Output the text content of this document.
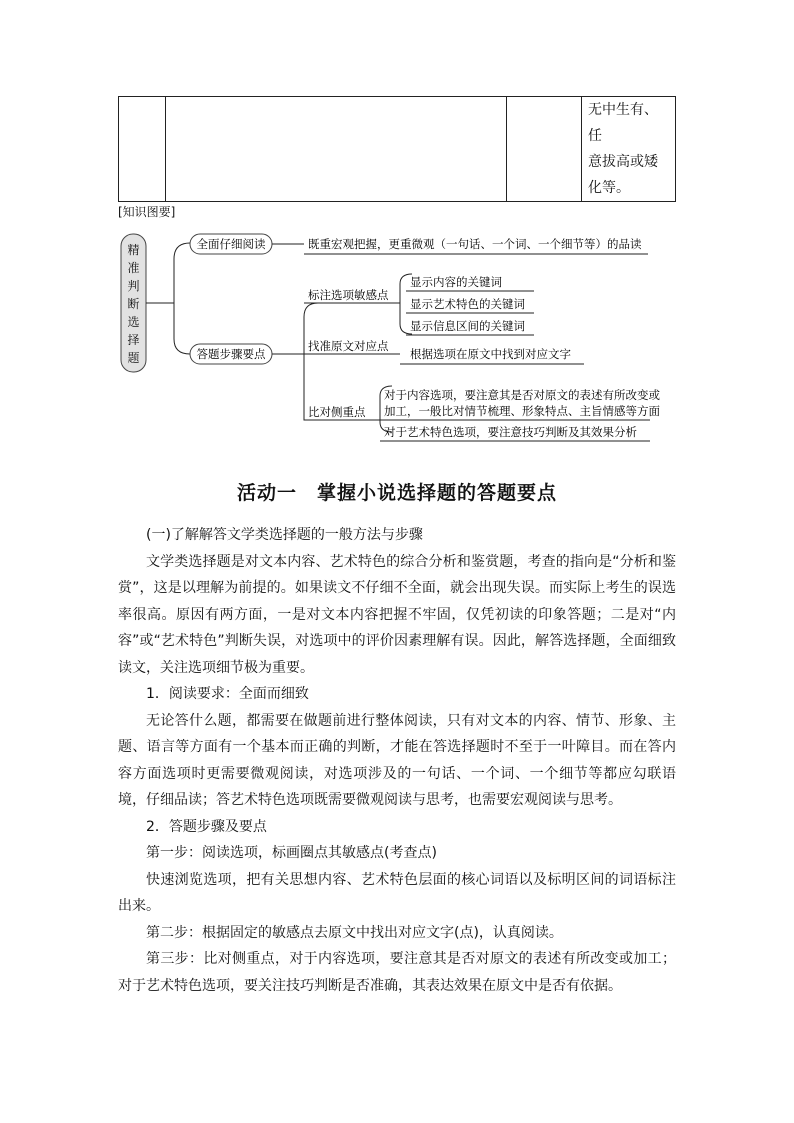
无中生有、任
意拔高或矮
化等。
[知识图要]
精
准
判
断
选
择
题
全面仔细阅读	既重宏观把握，更重微观（一句话、一个词、一个细节等）的品读
答题步骤要点
标注选项敏感点
显示内容的关键词
显示艺术特色的关键词
显示信息区间的关键词
找准原文对应点
根据选项在原文中找到对应文字
比对侧重点
对于内容选项，要注意其是否对原文的表述有所改变或
加工，一般比对情节梳理、形象特点、主旨情感等方面
对于艺术特色选项，要注意技巧判断及其效果分析
活动一　掌握小说选择题的答题要点

(一)了解解答文学类选择题的一般方法与步骤

文学类选择题是对文本内容、艺术特色的综合分析和鉴赏题，考查的指向是“分析和鉴赏”，这是以理解为前提的。如果读文不仔细不全面，就会出现失误。而实际上考生的误选率很高。原因有两方面，一是对文本内容把握不牢固，仅凭初读的印象答题；二是对“内容”或“艺术特色”判断失误，对选项中的评价因素理解有误。因此，解答选择题，全面细致读文，关注选项细节极为重要。

1．阅读要求：全面而细致

无论答什么题，都需要在做题前进行整体阅读，只有对文本的内容、情节、形象、主题、语言等方面有一个基本而正确的判断，才能在答选择题时不至于一叶障目。而在答内容方面选项时更需要微观阅读，对选项涉及的一句话、一个词、一个细节等都应勾联语境，仔细品读；答艺术特色选项既需要微观阅读与思考，也需要宏观阅读与思考。

2．答题步骤及要点

第一步：阅读选项，标画圈点其敏感点(考查点)

快速浏览选项，把有关思想内容、艺术特色层面的核心词语以及标明区间的词语标注出来。

第二步：根据固定的敏感点去原文中找出对应文字(点)，认真阅读。

第三步：比对侧重点，对于内容选项，要注意其是否对原文的表述有所改变或加工；对于艺术特色选项，要关注技巧判断是否准确，其表达效果在原文中是否有依据。
